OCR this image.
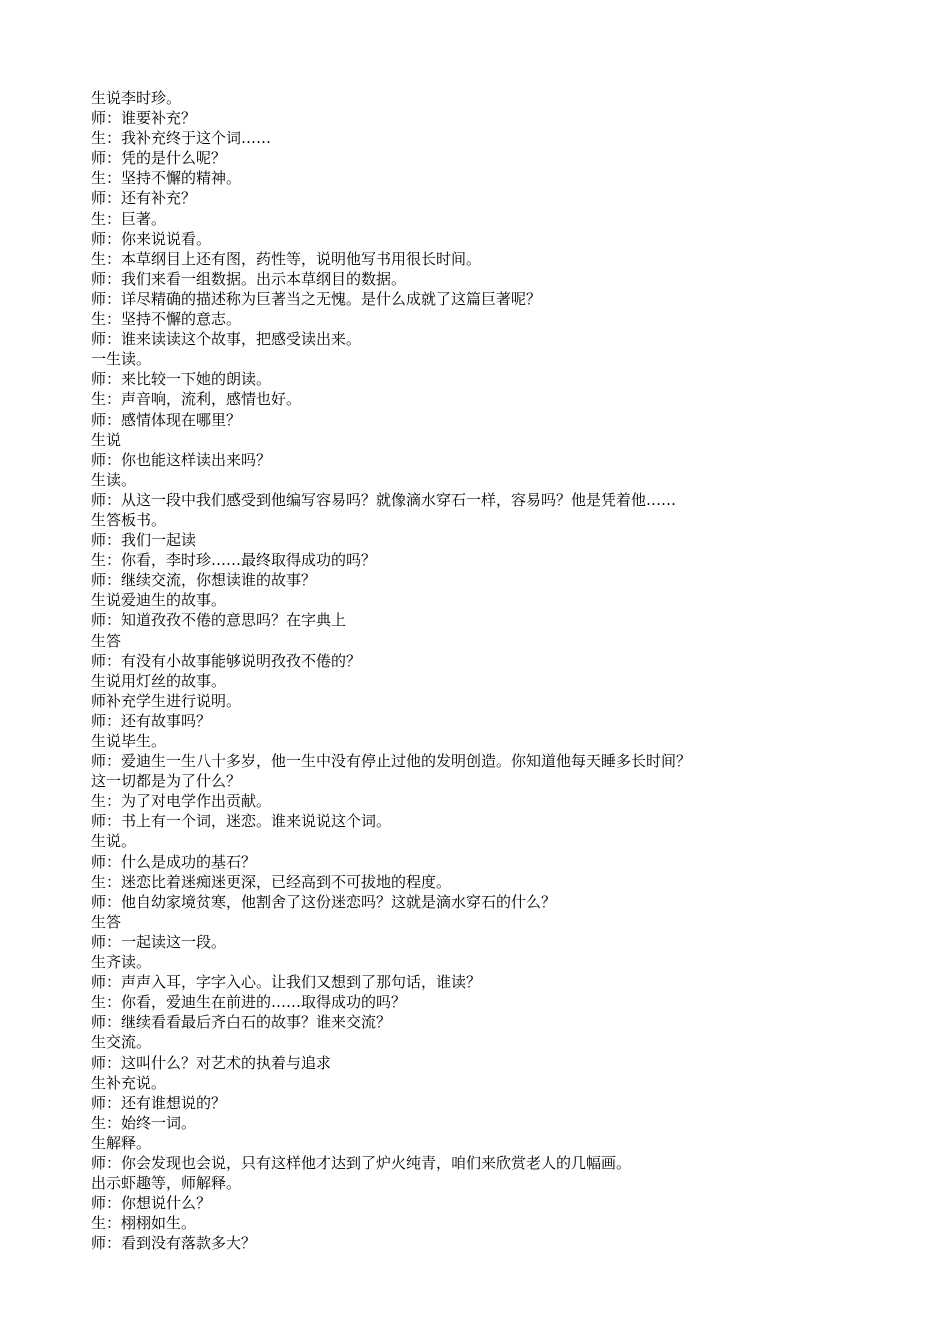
生说李时珍。

师：谁要补充？

生：我补充终于这个词……

师：凭的是什么呢？

生：坚持不懈的精神。

师：还有补充？

生：巨著。

师：你来说说看。

生：本草纲目上还有图，药性等，说明他写书用很长时间。

师：我们来看一组数据。出示本草纲目的数据。

师：详尽精确的描述称为巨著当之无愧。是什么成就了这篇巨著呢？

生：坚持不懈的意志。

师：谁来读读这个故事，把感受读出来。

一生读。

师：来比较一下她的朗读。

生：声音响，流利，感情也好。

师：感情体现在哪里？

生说

师：你也能这样读出来吗？

生读。

师：从这一段中我们感受到他编写容易吗？就像滴水穿石一样，容易吗？他是凭着他……

生答板书。

师：我们一起读

生：你看，李时珍……最终取得成功的吗？

师：继续交流，你想读谁的故事？

生说爱迪生的故事。

师：知道孜孜不倦的意思吗？在字典上

生答

师：有没有小故事能够说明孜孜不倦的？

生说用灯丝的故事。

师补充学生进行说明。

师：还有故事吗？

生说毕生。

师：爱迪生一生八十多岁，他一生中没有停止过他的发明创造。你知道他每天睡多长时间？

这一切都是为了什么？

生：为了对电学作出贡献。

师：书上有一个词，迷恋。谁来说说这个词。

生说。

师：什么是成功的基石？

生：迷恋比着迷痴迷更深，已经高到不可拔地的程度。

师：他自幼家境贫寒，他割舍了这份迷恋吗？这就是滴水穿石的什么？

生答

师：一起读这一段。

生齐读。

师：声声入耳，字字入心。让我们又想到了那句话，谁读？

生：你看，爱迪生在前进的……取得成功的吗？

师：继续看看最后齐白石的故事？谁来交流？

生交流。

师：这叫什么？对艺术的执着与追求

生补充说。

师：还有谁想说的？

生：始终一词。

生解释。

师：你会发现也会说，只有这样他才达到了炉火纯青，咱们来欣赏老人的几幅画。

出示虾趣等，师解释。

师：你想说什么？

生：栩栩如生。

师：看到没有落款多大？
